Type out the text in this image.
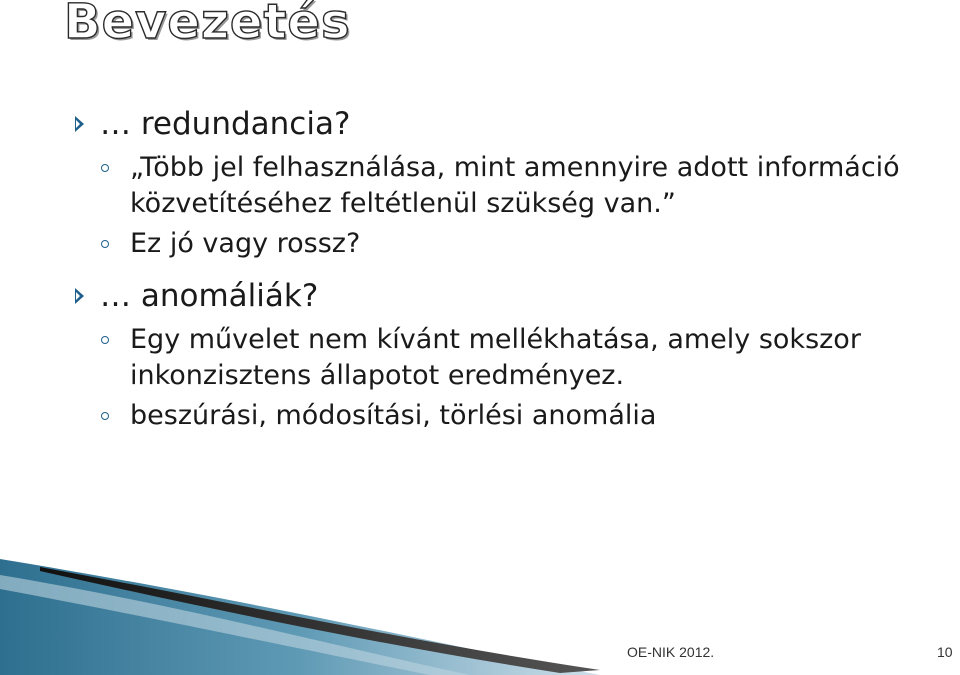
Bevezetés
… redundancia?
„Több jel felhasználása, mint amennyire adott információ közvetítéséhez feltétlenül szükség van.”
Ez jó vagy rossz?
… anomáliák?
Egy művelet nem kívánt mellékhatása, amely sokszor inkonzisztens állapotot eredményez.
beszúrási, módosítási, törlési anomália
OE-NIK 2012.	10
